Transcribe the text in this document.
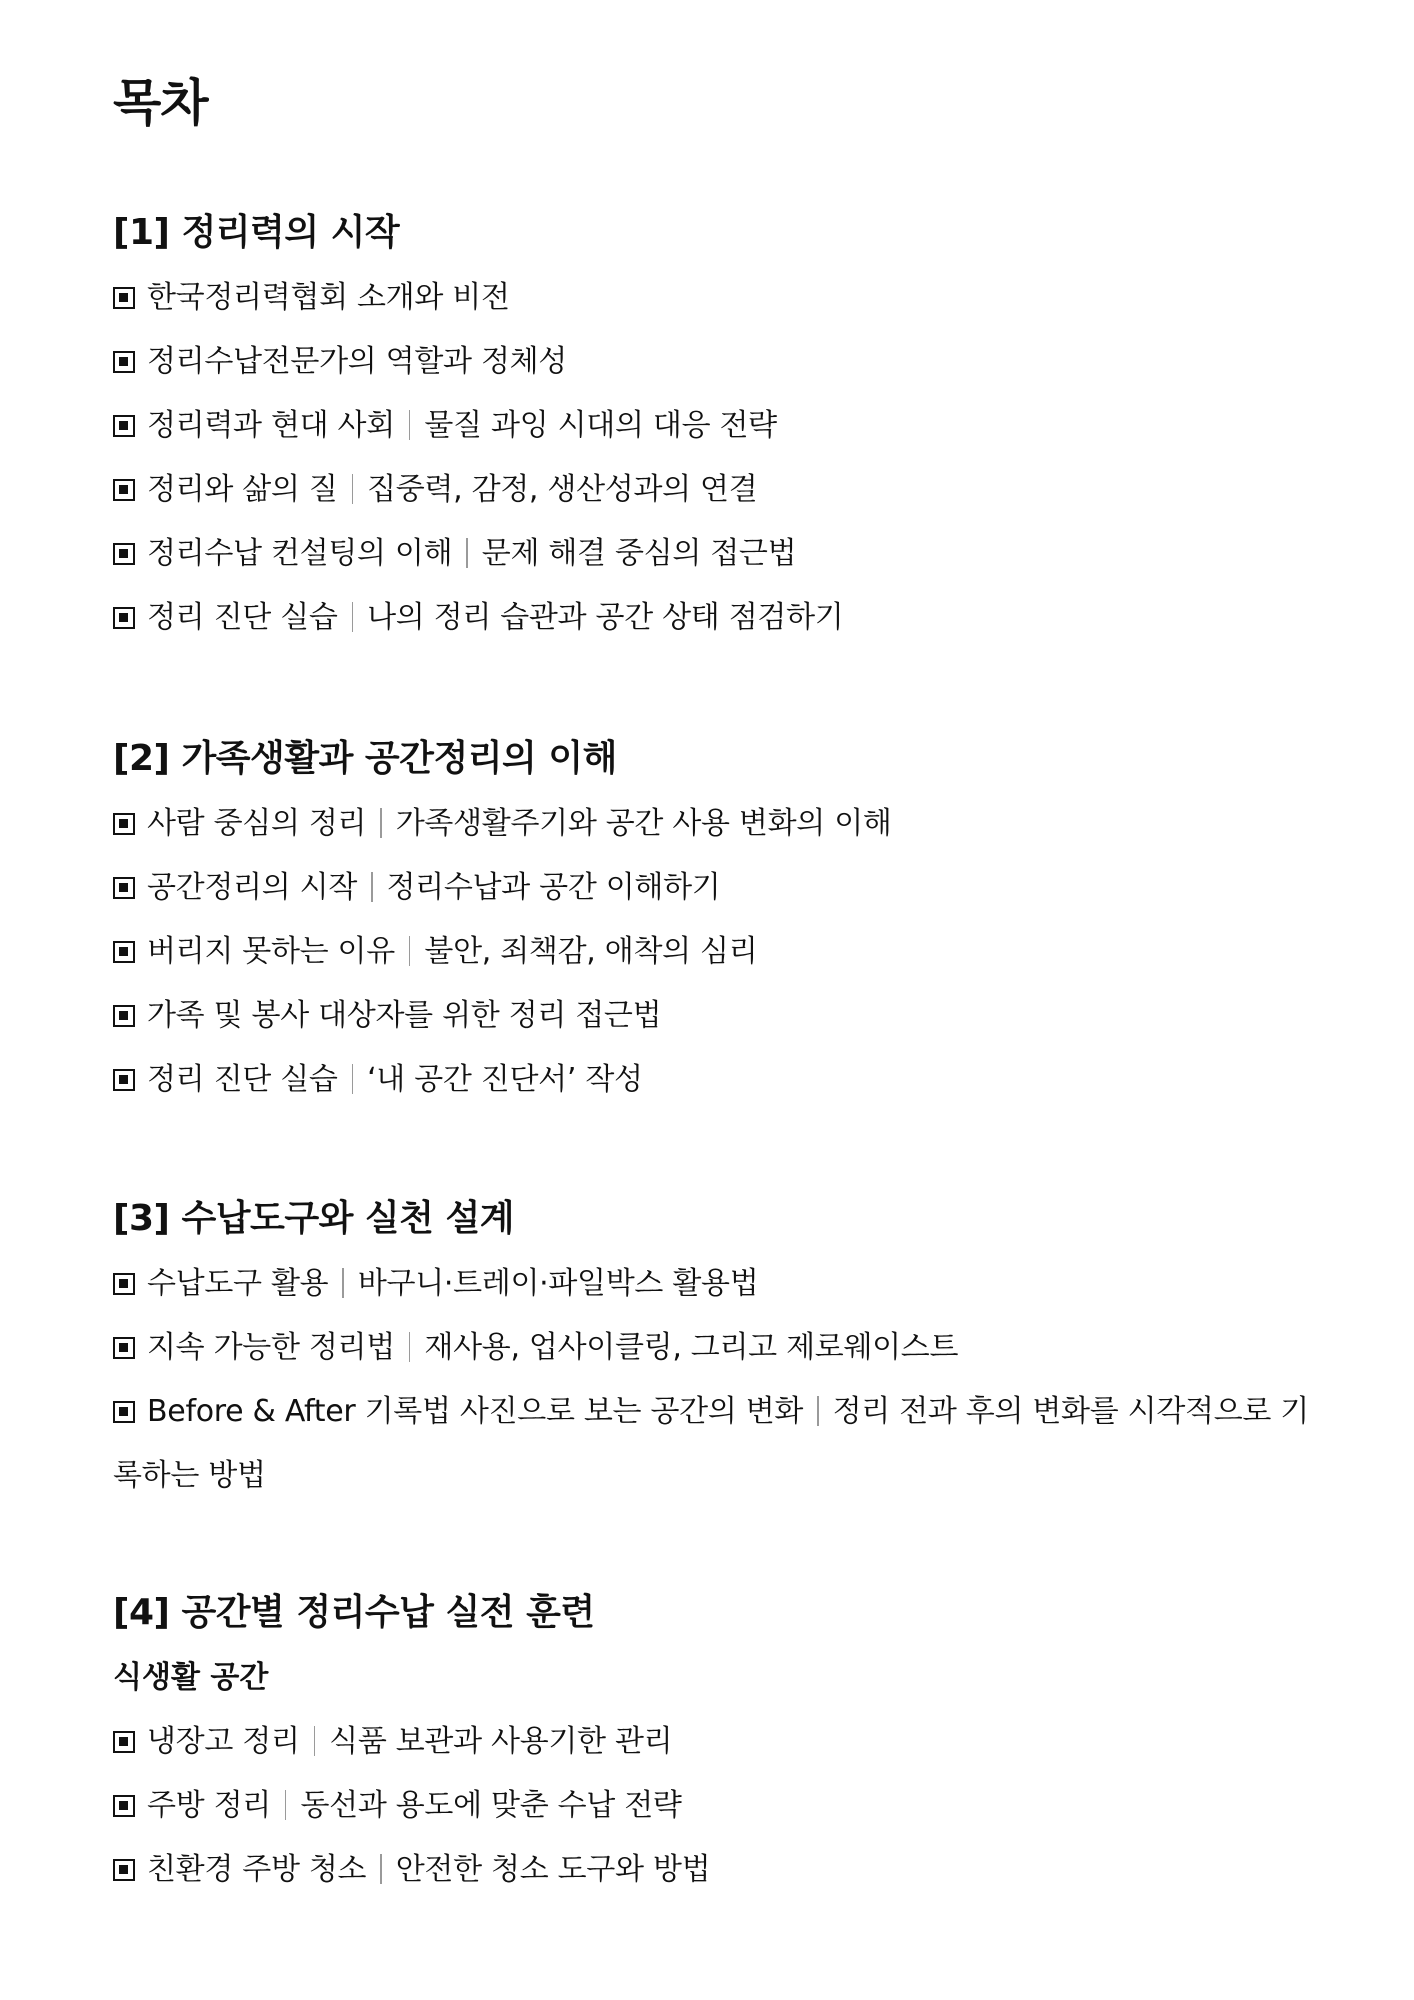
목차
[1] 정리력의 시작
한국정리력협회 소개와 비전
정리수납전문가의 역할과 정체성
정리력과 현대 사회 물질 과잉 시대의 대응 전략
정리와 삶의 질 집중력, 감정, 생산성과의 연결
정리수납 컨설팅의 이해 문제 해결 중심의 접근법
정리 진단 실습 나의 정리 습관과 공간 상태 점검하기
[2] 가족생활과 공간정리의 이해
사람 중심의 정리 가족생활주기와 공간 사용 변화의 이해
공간정리의 시작 정리수납과 공간 이해하기
버리지 못하는 이유 불안, 죄책감, 애착의 심리
가족 및 봉사 대상자를 위한 정리 접근법
정리 진단 실습 ‘내 공간 진단서’ 작성
[3] 수납도구와 실천 설계
수납도구 활용 바구니·트레이·파일박스 활용법
지속 가능한 정리법 재사용, 업사이클링, 그리고 제로웨이스트
Before & After 기록법 사진으로 보는 공간의 변화 정리 전과 후의 변화를 시각적으로 기록하는 방법
[4] 공간별 정리수납 실전 훈련
식생활 공간
냉장고 정리 식품 보관과 사용기한 관리
주방 정리 동선과 용도에 맞춘 수납 전략
친환경 주방 청소 안전한 청소 도구와 방법
